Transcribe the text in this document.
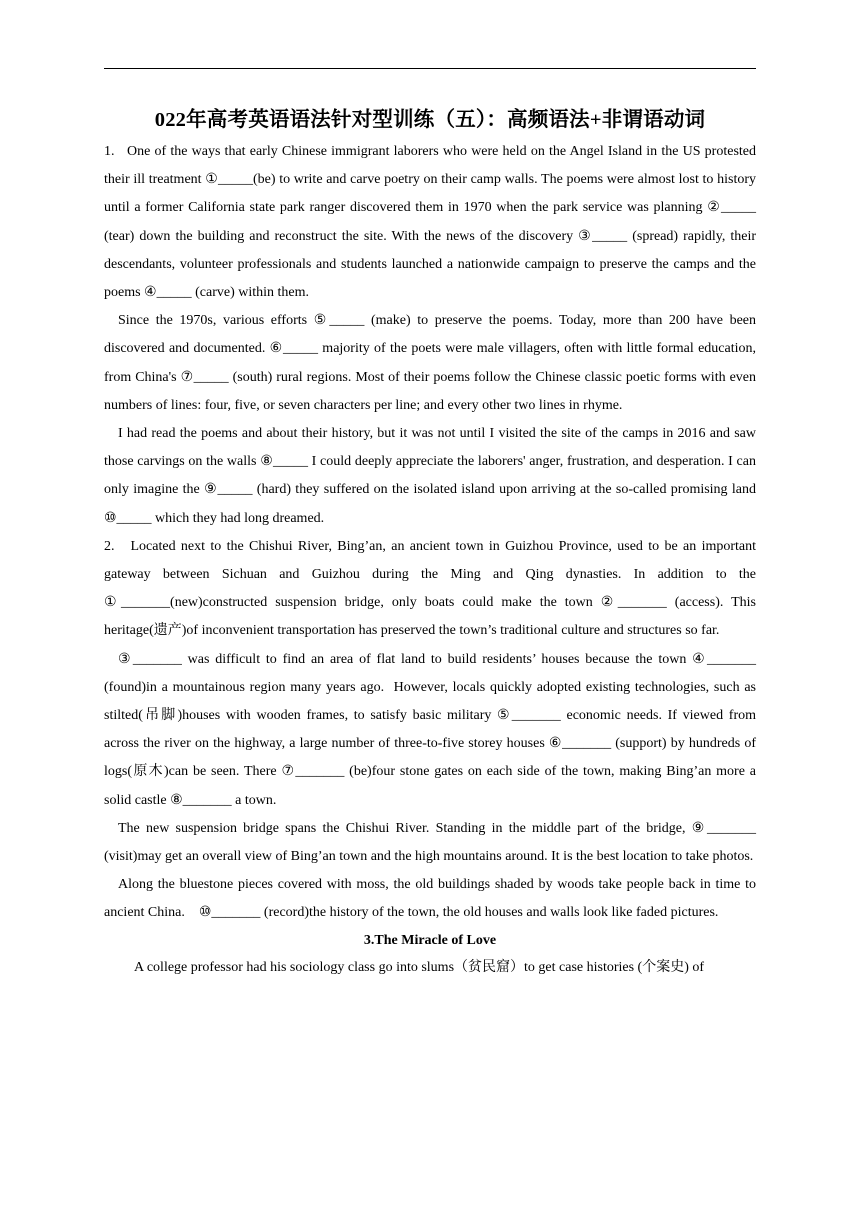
022年高考英语语法针对型训练（五）：高频语法+非谓语动词

1.   One of the ways that early Chinese immigrant laborers who were held on the Angel Island in the US protested their ill treatment ①_____(be) to write and carve poetry on their camp walls. The poems were almost lost to history until a former California state park ranger discovered them in 1970 when the park service was planning ②_____ (tear) down the building and reconstruct the site. With the news of the discovery ③_____ (spread) rapidly, their descendants, volunteer professionals and students launched a nationwide campaign to preserve the camps and the poems ④_____ (carve) within them.

Since the 1970s, various efforts ⑤_____ (make) to preserve the poems. Today, more than 200 have been discovered and documented. ⑥_____ majority of the poets were male villagers, often with little formal education, from China's ⑦_____ (south) rural regions. Most of their poems follow the Chinese classic poetic forms with even numbers of lines: four, five, or seven characters per line; and every other two lines in rhyme.

I had read the poems and about their history, but it was not until I visited the site of the camps in 2016 and saw those carvings on the walls ⑧_____ I could deeply appreciate the laborers' anger, frustration, and desperation. I can only imagine the ⑨_____ (hard) they suffered on the isolated island upon arriving at the so-called promising land ⑩_____ which they had long dreamed.

2.   Located next to the Chishui River, Bing’an, an ancient town in Guizhou Province, used to be an important gateway between Sichuan and Guizhou during the Ming and Qing dynasties. In addition to the ①_______(new)constructed suspension bridge, only boats could make the town ②_______ (access). This heritage(遗产)of inconvenient transportation has preserved the town’s traditional culture and structures so far.

③_______ was difficult to find an area of flat land to build residents’ houses because the town ④_______ (found)in a mountainous region many years ago.  However, locals quickly adopted existing technologies, such as stilted(吊脚)houses with wooden frames, to satisfy basic military ⑤_______ economic needs. If viewed from across the river on the highway, a large number of three-to-five storey houses ⑥_______ (support) by hundreds of logs(原木)can be seen. There ⑦_______ (be)four stone gates on each side of the town, making Bing’an more a solid castle ⑧_______ a town.

The new suspension bridge spans the Chishui River. Standing in the middle part of the bridge, ⑨_______ (visit)may get an overall view of Bing’an town and the high mountains around. It is the best location to take photos.

Along the bluestone pieces covered with moss, the old buildings shaded by woods take people back in time to ancient China.    ⑩_______ (record)the history of the town, the old houses and walls look like faded pictures.

3.The Miracle of Love

A college professor had his sociology class go into slums（贫民窟）to get case histories (个案史) of
